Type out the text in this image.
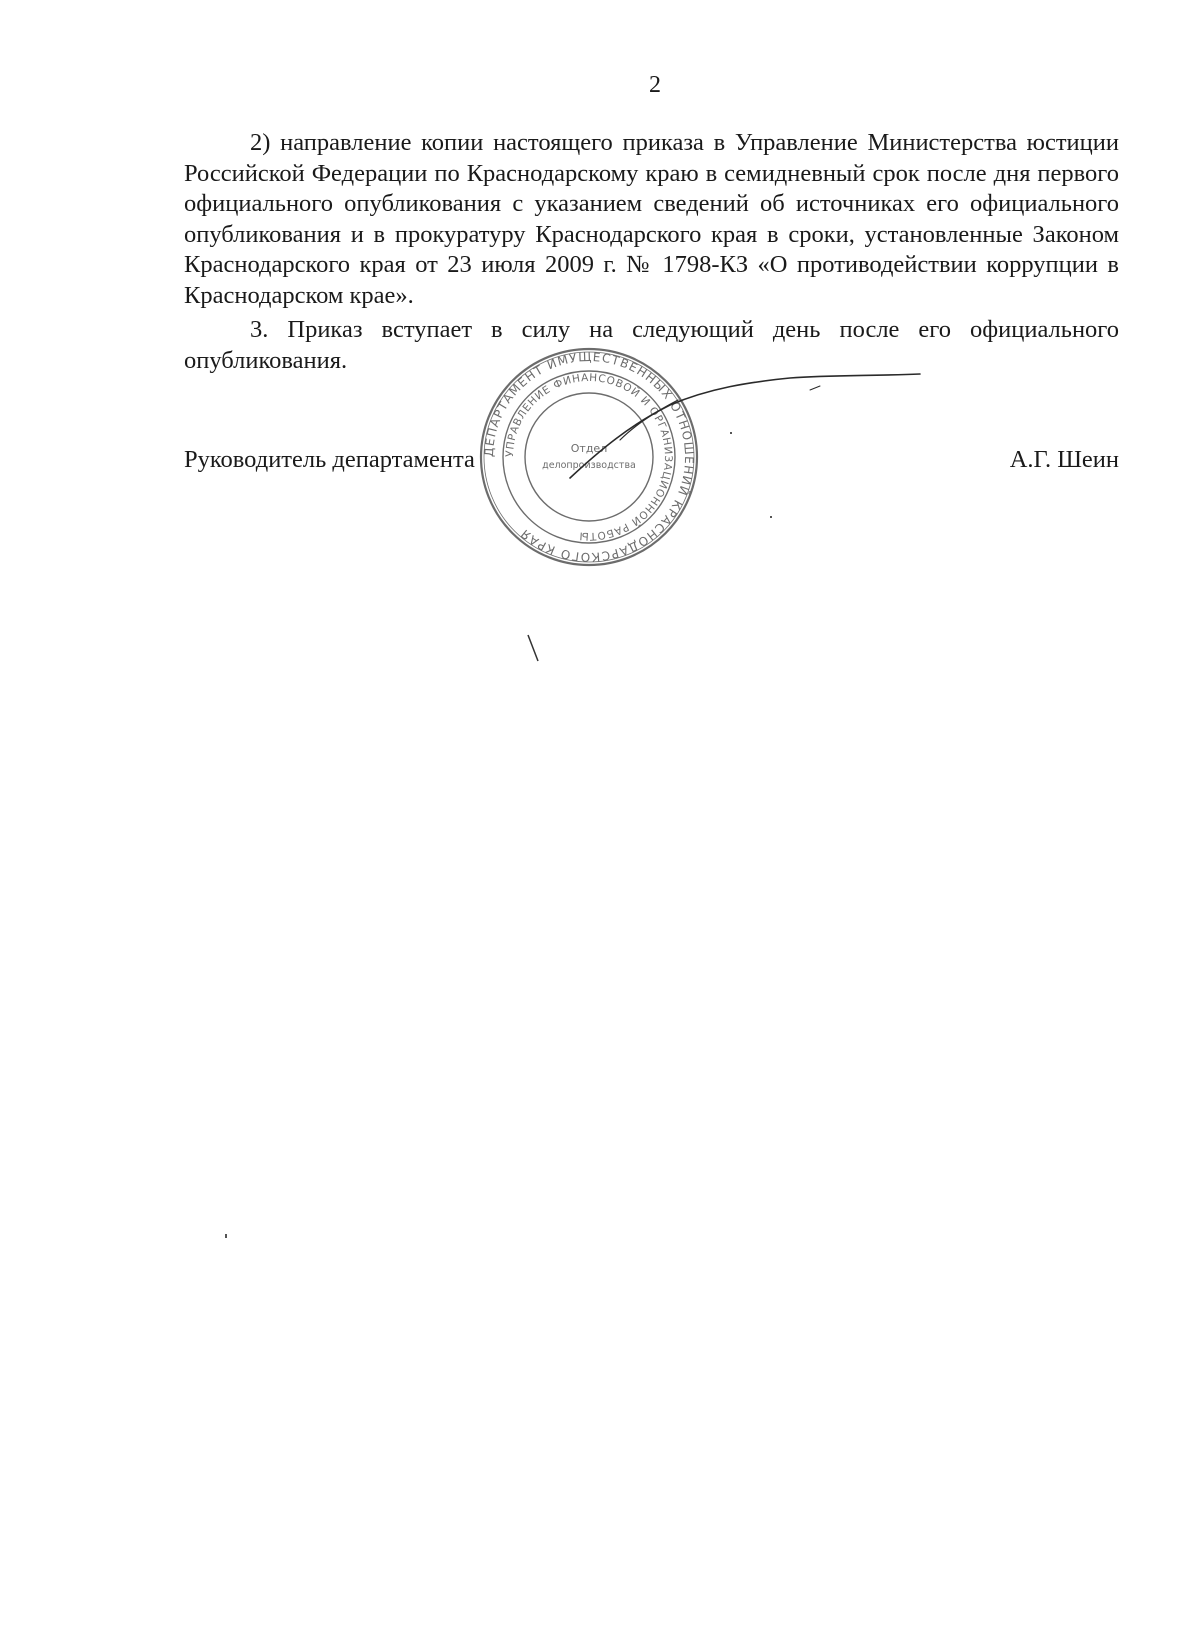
2

2) направление копии настоящего приказа в Управление Министерства юстиции Российской Федерации по Краснодарскому краю в семидневный срок после дня первого официального опубликования с указанием сведений об источниках его официального опубликования и в прокуратуру Краснодарского края в сроки, установленные Законом Краснодарского края от 23 июля 2009 г. № 1798-КЗ «О противодействии коррупции в Краснодарском крае».

3. Приказ вступает в силу на следующий день после его официального опубликования.

Руководитель департамента	А.Г. Шеин
ДЕПАРТАМЕНТ ИМУЩЕСТВЕННЫХ ОТНОШЕНИЙ КРАСНОДАРСКОГО КРАЯ
УПРАВЛЕНИЕ ФИНАНСОВОЙ И ОРГАНИЗАЦИОННОЙ РАБОТЫ
Отдел
делопроизводства
